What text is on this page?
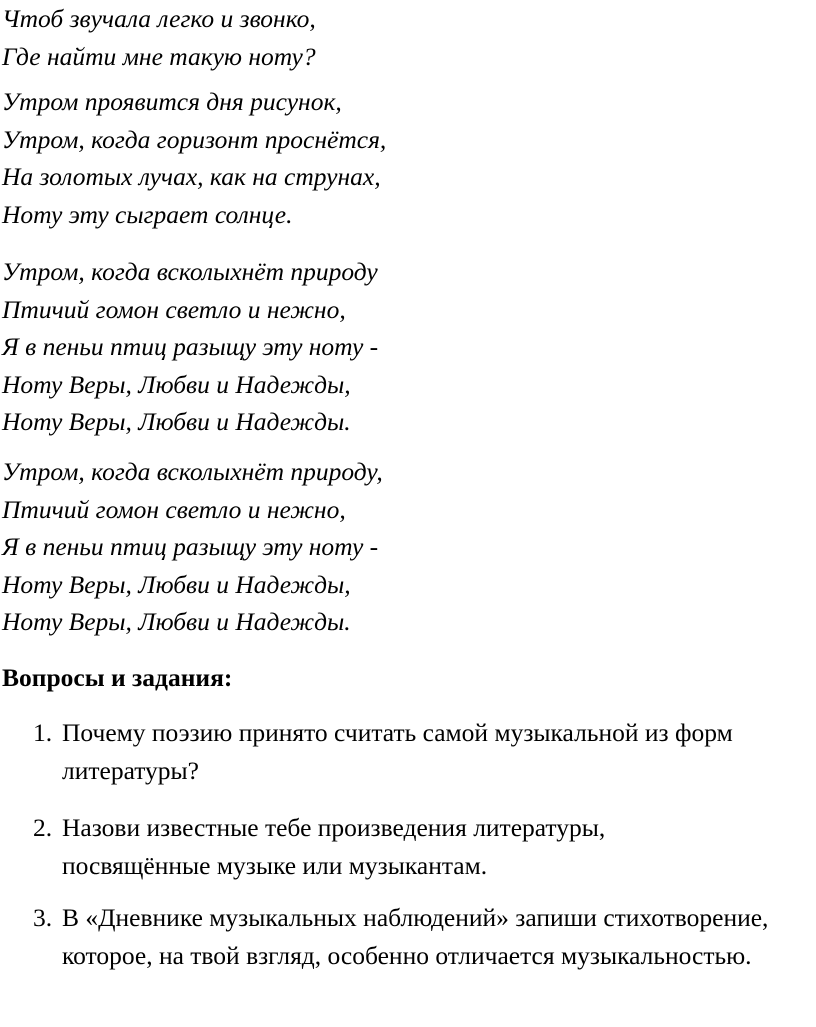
Чтоб звучала легко и звонко,
Где найти мне такую ноту?
Утром проявится дня рисунок,
Утром, когда горизонт проснётся,
На золотых лучах, как на струнах,
Ноту эту сыграет солнце.
Утром, когда всколыхнёт природу
Птичий гомон светло и нежно,
Я в пеньи птиц разыщу эту ноту -
Ноту Веры, Любви и Надежды,
Ноту Веры, Любви и Надежды.
Утром, когда всколыхнёт природу,
Птичий гомон светло и нежно,
Я в пеньи птиц разыщу эту ноту -
Ноту Веры, Любви и Надежды,
Ноту Веры, Любви и Надежды.
Вопросы и задания:
1. Почему поэзию принято считать самой музыкальной из форм литературы?
2. Назови известные тебе произведения литературы, посвящённые музыке или музыкантам.
3. В «Дневнике музыкальных наблюдений» запиши стихотворение, которое, на твой взгляд, особенно отличается музыкальностью.
